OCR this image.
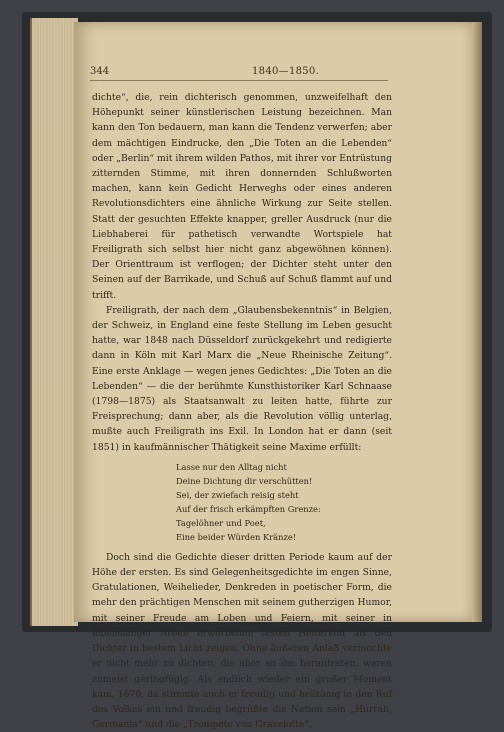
344	1840—1850.

dichte“, die, rein dichterisch genommen, unzweifelhaft den Höhepunkt seiner künstlerischen Leistung bezeichnen. Man kann den Ton bedauern, man kann die Tendenz verwerfen; aber dem mächtigen Eindrucke, den „Die Toten an die Lebenden“ oder „Berlin“ mit ihrem wilden Pathos, mit ihrer vor Entrüstung zitternden Stimme, mit ihren donnernden Schlußworten machen, kann kein Gedicht Herweghs oder eines anderen Revolutionsdichters eine ähnliche Wirkung zur Seite stellen. Statt der gesuchten Effekte knapper, greller Ausdruck (nur die Liebhaberei für pathetisch verwandte Wortspiele hat Freiligrath sich selbst hier nicht ganz abgewöhnen können). Der Orienttraum ist verflogen; der Dichter steht unter den Seinen auf der Barrikade, und Schuß auf Schuß flammt auf und trifft.

Freiligrath, der nach dem „Glaubensbekenntnis“ in Belgien, der Schweiz, in England eine feste Stellung im Leben gesucht hatte, war 1848 nach Düsseldorf zurückgekehrt und redigierte dann in Köln mit Karl Marx die „Neue Rheinische Zeitung“. Eine erste Anklage — wegen jenes Gedichtes: „Die Toten an die Lebenden“ — die der berühmte Kunsthistoriker Karl Schnaase (1798—1875) als Staatsanwalt zu leiten hatte, führte zur Freisprechung; dann aber, als die Revolution völlig unterlag, mußte auch Freiligrath ins Exil. In London hat er dann (seit 1851) in kaufmännischer Thätigkeit seine Maxime erfüllt:

Lasse nur den Alltag nicht
Deine Dichtung dir verschütten!
Sei, der zwiefach reisig steht
Auf der frisch erkämpften Grenze:
Tagelöhner und Poet,
Eine beider Würden Kränze!

Doch sind die Gedichte dieser dritten Periode kaum auf der Höhe der ersten. Es sind Gelegenheitsgedichte im engen Sinne, Gratulationen, Weihelieder, Denkreden in poetischer Form, die mehr den prächtigen Menschen mit seinem gutherzigen Humor, mit seiner Freude am Loben und Feiern, mit seiner in lebenslanger Arbeit erworbenen festen Heiterkeit als den Dichter in bestem Licht zeigen. Ohne äußeren Anlaß vermochte er nicht mehr zu dichten; die aber an ihn herantraten, waren zumeist geringfügig. Als endlich wieder ein großer Moment kam, 1870, da stimmte auch er freudig und helltönig in den Ruf des Volkes ein und freudig begrüßte die Nation sein „Hurrah, Germania“ und die „Trompete von Gravelotte“,
